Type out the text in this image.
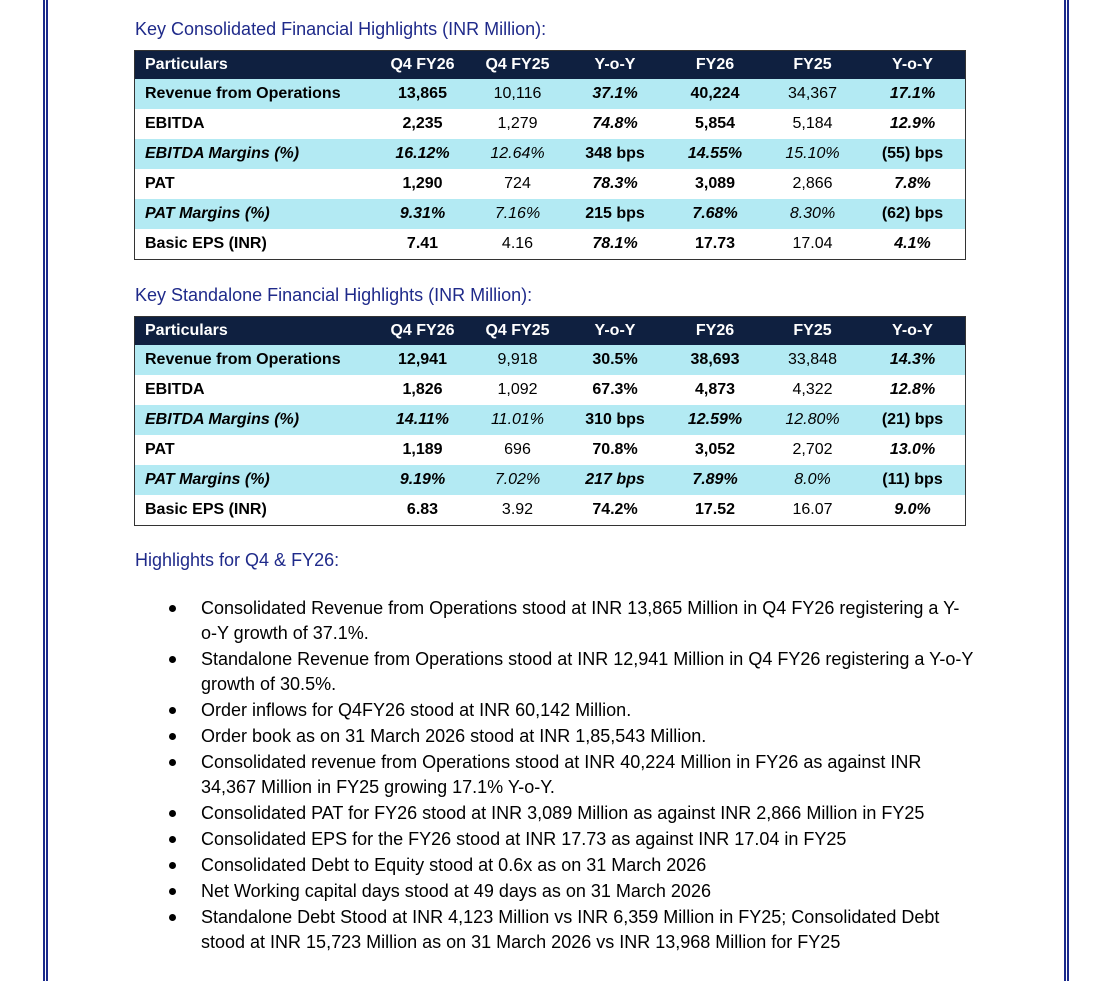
Key Consolidated Financial Highlights (INR Million):
Particulars	Q4 FY26	Q4 FY25	Y-o-Y	FY26	FY25	Y-o-Y
Revenue from Operations	13,865	10,116	37.1%	40,224	34,367	17.1%
EBITDA	2,235	1,279	74.8%	5,854	5,184	12.9%
EBITDA Margins (%)	16.12%	12.64%	348 bps	14.55%	15.10%	(55) bps
PAT	1,290	724	78.3%	3,089	2,866	7.8%
PAT Margins (%)	9.31%	7.16%	215 bps	7.68%	8.30%	(62) bps
Basic EPS (INR)	7.41	4.16	78.1%	17.73	17.04	4.1%
Key Standalone Financial Highlights (INR Million):
Particulars	Q4 FY26	Q4 FY25	Y-o-Y	FY26	FY25	Y-o-Y
Revenue from Operations	12,941	9,918	30.5%	38,693	33,848	14.3%
EBITDA	1,826	1,092	67.3%	4,873	4,322	12.8%
EBITDA Margins (%)	14.11%	11.01%	310 bps	12.59%	12.80%	(21) bps
PAT	1,189	696	70.8%	3,052	2,702	13.0%
PAT Margins (%)	9.19%	7.02%	217 bps	7.89%	8.0%	(11) bps
Basic EPS (INR)	6.83	3.92	74.2%	17.52	16.07	9.0%
Highlights for Q4 & FY26:
Consolidated Revenue from Operations stood at INR 13,865 Million in Q4 FY26 registering a Y-o-Y growth of 37.1%.
Standalone Revenue from Operations stood at INR 12,941 Million in Q4 FY26 registering a Y-o-Y growth of 30.5%.
Order inflows for Q4FY26 stood at INR 60,142 Million.
Order book as on 31 March 2026 stood at INR 1,85,543 Million.
Consolidated revenue from Operations stood at INR 40,224 Million in FY26 as against INR 34,367 Million in FY25 growing 17.1% Y-o-Y.
Consolidated PAT for FY26 stood at INR 3,089 Million as against INR 2,866 Million in FY25
Consolidated EPS for the FY26 stood at INR 17.73 as against INR 17.04 in FY25
Consolidated Debt to Equity stood at 0.6x as on 31 March 2026
Net Working capital days stood at 49 days as on 31 March 2026
Standalone Debt Stood at INR 4,123 Million vs INR 6,359 Million in FY25; Consolidated Debt stood at INR 15,723 Million as on 31 March 2026 vs INR 13,968 Million for FY25
